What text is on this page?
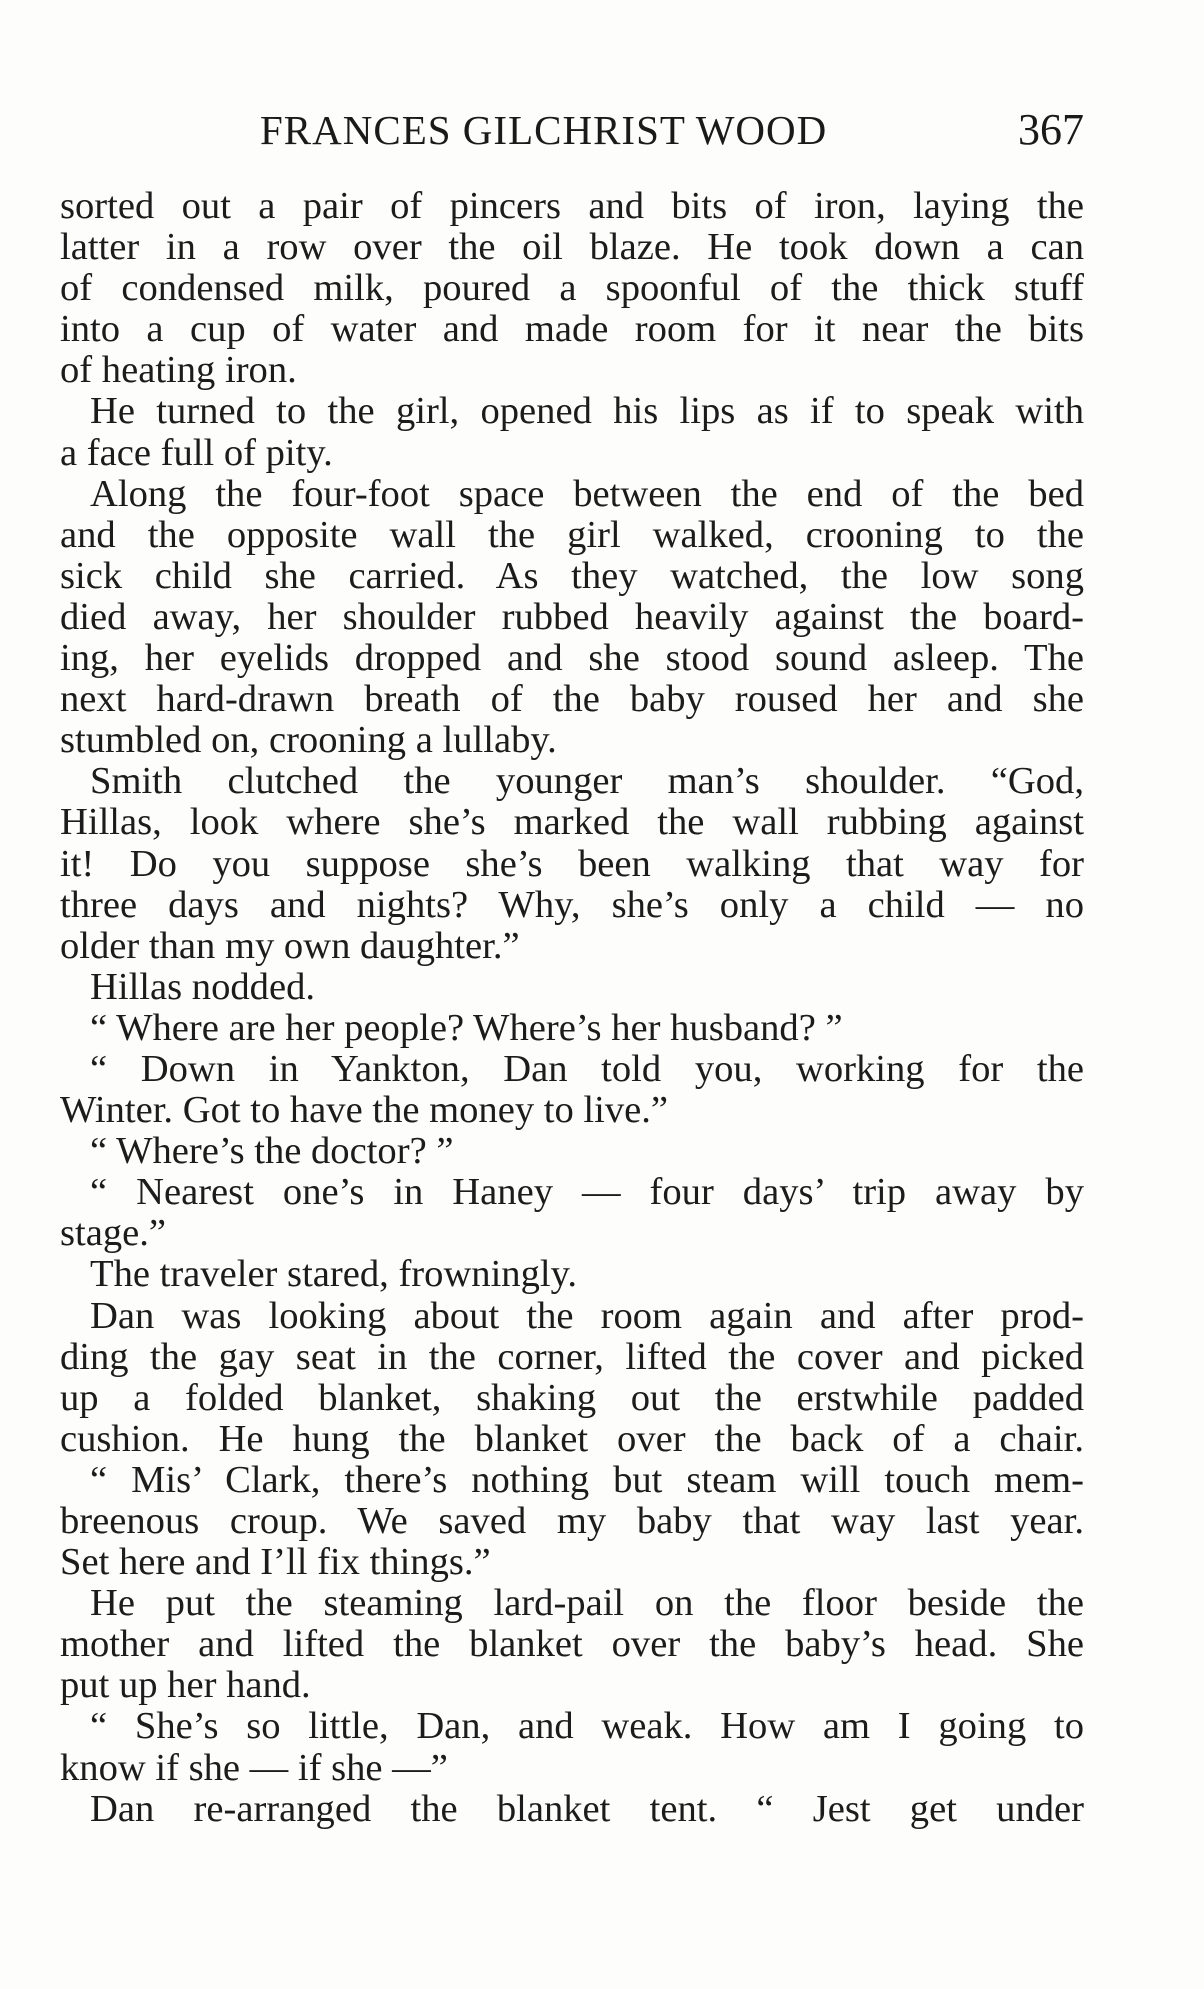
FRANCES GILCHRIST WOOD	367
sorted out a pair of pincers and bits of iron, laying the
latter in a row over the oil blaze. He took down a can
of condensed milk, poured a spoonful of the thick stuff
into a cup of water and made room for it near the bits
of heating iron.
He turned to the girl, opened his lips as if to speak with
a face full of pity.
Along the four-foot space between the end of the bed
and the opposite wall the girl walked, crooning to the
sick child she carried. As they watched, the low song
died away, her shoulder rubbed heavily against the board-
ing, her eyelids dropped and she stood sound asleep. The
next hard-drawn breath of the baby roused her and she
stumbled on, crooning a lullaby.
Smith clutched the younger man’s shoulder. “God,
Hillas, look where she’s marked the wall rubbing against
it! Do you suppose she’s been walking that way for
three days and nights? Why, she’s only a child — no
older than my own daughter.”
Hillas nodded.
“ Where are her people? Where’s her husband? ”
“ Down in Yankton, Dan told you, working for the
Winter. Got to have the money to live.”
“ Where’s the doctor? ”
“ Nearest one’s in Haney — four days’ trip away by
stage.”
The traveler stared, frowningly.
Dan was looking about the room again and after prod-
ding the gay seat in the corner, lifted the cover and picked
up a folded blanket, shaking out the erstwhile padded
cushion. He hung the blanket over the back of a chair.
“ Mis’ Clark, there’s nothing but steam will touch mem-
breenous croup. We saved my baby that way last year.
Set here and I’ll fix things.”
He put the steaming lard-pail on the floor beside the
mother and lifted the blanket over the baby’s head. She
put up her hand.
“ She’s so little, Dan, and weak. How am I going to
know if she — if she —”
Dan re-arranged the blanket tent. “ Jest get under
